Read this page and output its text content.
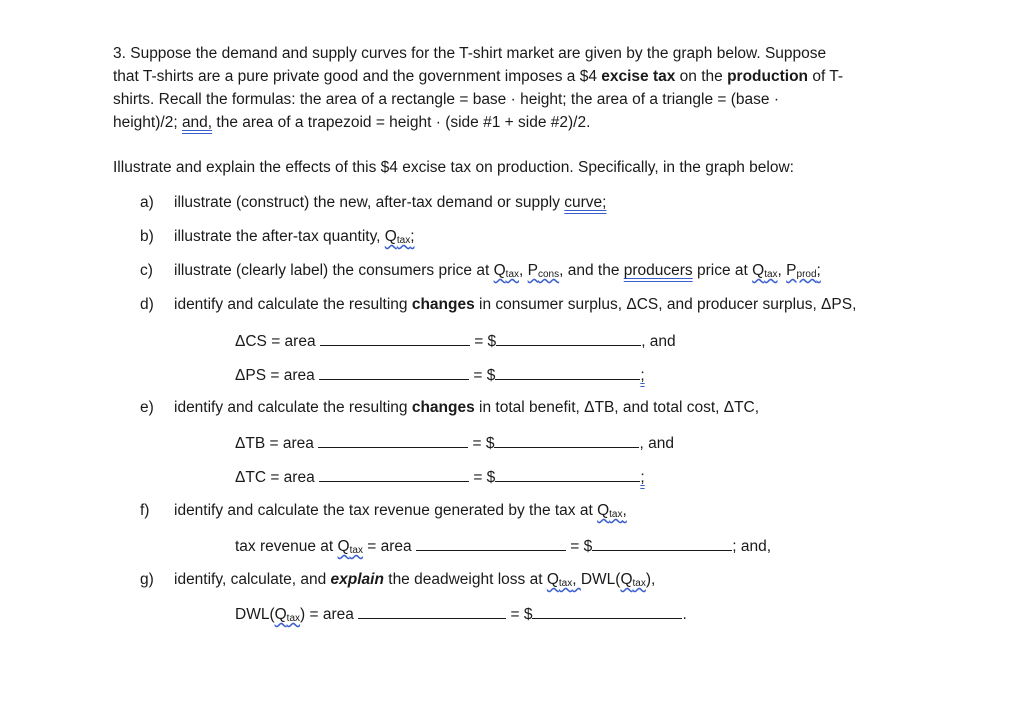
3. Suppose the demand and supply curves for the T-shirt market are given by the graph below. Suppose
that T-shirts are a pure private good and the government imposes a $4 excise tax on the production of T-
shirts. Recall the formulas: the area of a rectangle = base · height; the area of a triangle = (base ·
height)/2; and, the area of a trapezoid = height · (side #1 + side #2)/2.
Illustrate and explain the effects of this $4 excise tax on production. Specifically, in the graph below:
a) illustrate (construct) the new, after-tax demand or supply curve;
b) illustrate the after-tax quantity, Qtax;
c) illustrate (clearly label) the consumers price at Qtax, Pcons, and the producers price at Qtax, Pprod;
d) identify and calculate the resulting changes in consumer surplus, ΔCS, and producer surplus, ΔPS,
ΔCS = area	= $	, and
ΔPS = area	= $	;
e) identify and calculate the resulting changes in total benefit, ΔTB, and total cost, ΔTC,
ΔTB = area	= $	, and
ΔTC = area	= $	;
f) identify and calculate the tax revenue generated by the tax at Qtax,
tax revenue at Qtax = area	= $	; and,
g) identify, calculate, and explain the deadweight loss at Qtax, DWL(Qtax),
DWL(Qtax) = area	= $	.
